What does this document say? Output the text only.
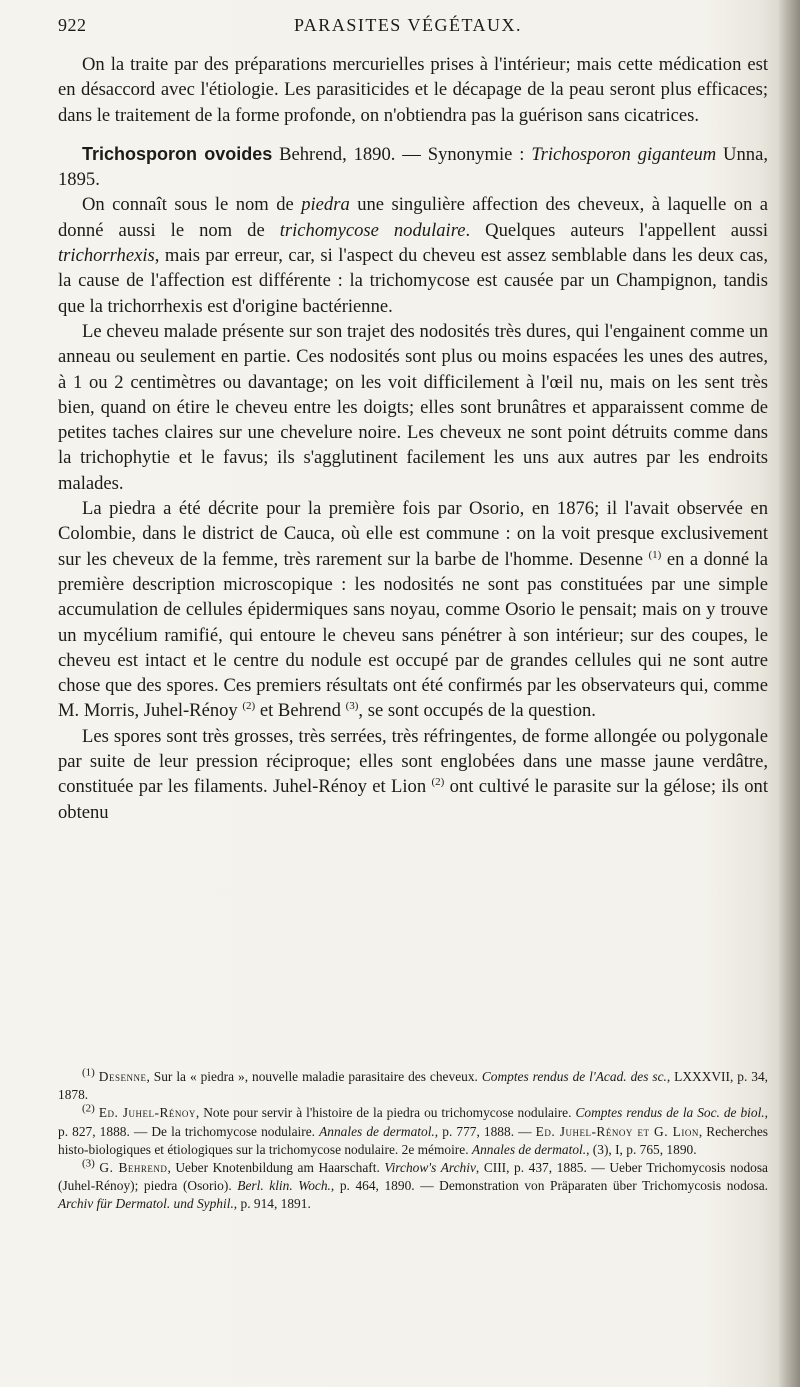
922	PARASITES VÉGÉTAUX.

On la traite par des préparations mercurielles prises à l'intérieur; mais cette médication est en désaccord avec l'étiologie. Les parasiticides et le décapage de la peau seront plus efficaces; dans le traitement de la forme profonde, on n'obtiendra pas la guérison sans cicatrices.

Trichosporon ovoides Behrend, 1890. — Synonymie : Trichosporon giganteum Unna, 1895.

On connaît sous le nom de piedra une singulière affection des cheveux, à laquelle on a donné aussi le nom de trichomycose nodulaire. Quelques auteurs l'appellent aussi trichorrhexis, mais par erreur, car, si l'aspect du cheveu est assez semblable dans les deux cas, la cause de l'affection est différente : la trichomycose est causée par un Champignon, tandis que la trichorrhexis est d'origine bactérienne.

Le cheveu malade présente sur son trajet des nodosités très dures, qui l'engainent comme un anneau ou seulement en partie. Ces nodosités sont plus ou moins espacées les unes des autres, à 1 ou 2 centimètres ou davantage; on les voit difficilement à l'œil nu, mais on les sent très bien, quand on étire le cheveu entre les doigts; elles sont brunâtres et apparaissent comme de petites taches claires sur une chevelure noire. Les cheveux ne sont point détruits comme dans la trichophytie et le favus; ils s'agglutinent facilement les uns aux autres par les endroits malades.

La piedra a été décrite pour la première fois par Osorio, en 1876; il l'avait observée en Colombie, dans le district de Cauca, où elle est commune : on la voit presque exclusivement sur les cheveux de la femme, très rarement sur la barbe de l'homme. Desenne $^{(1)}$ en a donné la première description microscopique : les nodosités ne sont pas constituées par une simple accumulation de cellules épidermiques sans noyau, comme Osorio le pensait; mais on y trouve un mycélium ramifié, qui entoure le cheveu sans pénétrer à son intérieur; sur des coupes, le cheveu est intact et le centre du nodule est occupé par de grandes cellules qui ne sont autre chose que des spores. Ces premiers résultats ont été confirmés par les observateurs qui, comme M. Morris, Juhel-Rénoy $^{(2)}$ et Behrend $^{(3)}$, se sont occupés de la question.

Les spores sont très grosses, très serrées, très réfringentes, de forme allongée ou polygonale par suite de leur pression réciproque; elles sont englobées dans une masse jaune verdâtre, constituée par les filaments. Juhel-Rénoy et Lion $^{(2)}$ ont cultivé le parasite sur la gélose; ils ont obtenu

$^{(1)}$ Desenne, Sur la « piedra », nouvelle maladie parasitaire des cheveux. Comptes rendus de l'Acad. des sc., LXXXVII, p. 34, 1878.

$^{(2)}$ Ed. Juhel-Rénoy, Note pour servir à l'histoire de la piedra ou trichomycose nodulaire. Comptes rendus de la Soc. de biol., p. 827, 1888. — De la trichomycose nodulaire. Annales de dermatol., p. 777, 1888. — Ed. Juhel-Rénoy et G. Lion, Recherches histo-biologiques et étiologiques sur la trichomycose nodulaire. 2e mémoire. Annales de dermatol., (3), I, p. 765, 1890.

$^{(3)}$ G. Behrend, Ueber Knotenbildung am Haarschaft. Virchow's Archiv, CIII, p. 437, 1885. — Ueber Trichomycosis nodosa (Juhel-Rénoy); piedra (Osorio). Berl. klin. Woch., p. 464, 1890. — Demonstration von Präparaten über Trichomycosis nodosa. Archiv für Dermatol. und Syphil., p. 914, 1891.
